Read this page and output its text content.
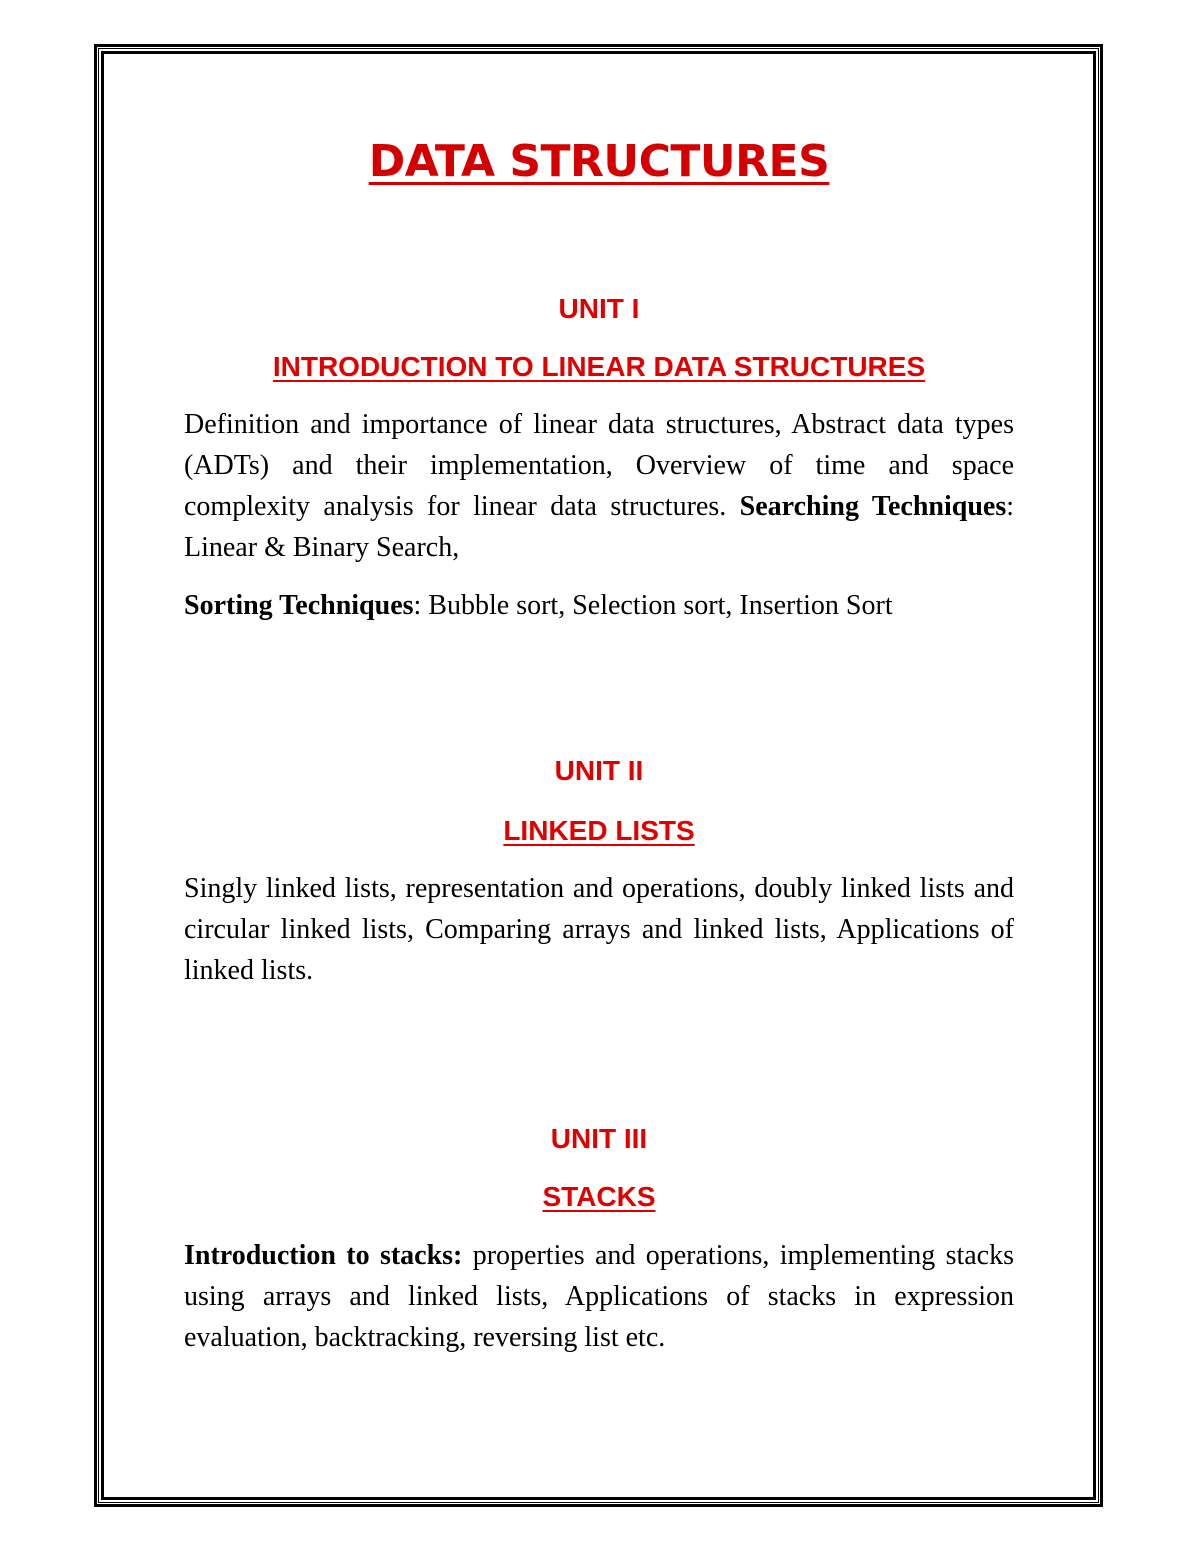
DATA STRUCTURES

UNIT I

INTRODUCTION TO LINEAR DATA STRUCTURES

Definition and importance of linear data structures, Abstract data types (ADTs) and their implementation, Overview of time and space complexity analysis for linear data structures. Searching Techniques: Linear & Binary Search,

Sorting Techniques: Bubble sort, Selection sort, Insertion Sort

UNIT II

LINKED LISTS

Singly linked lists, representation and operations, doubly linked lists and circular linked lists, Comparing arrays and linked lists, Applications of linked lists.

UNIT III

STACKS

Introduction to stacks: properties and operations, implementing stacks using arrays and linked lists, Applications of stacks in expression evaluation, backtracking, reversing list etc.
